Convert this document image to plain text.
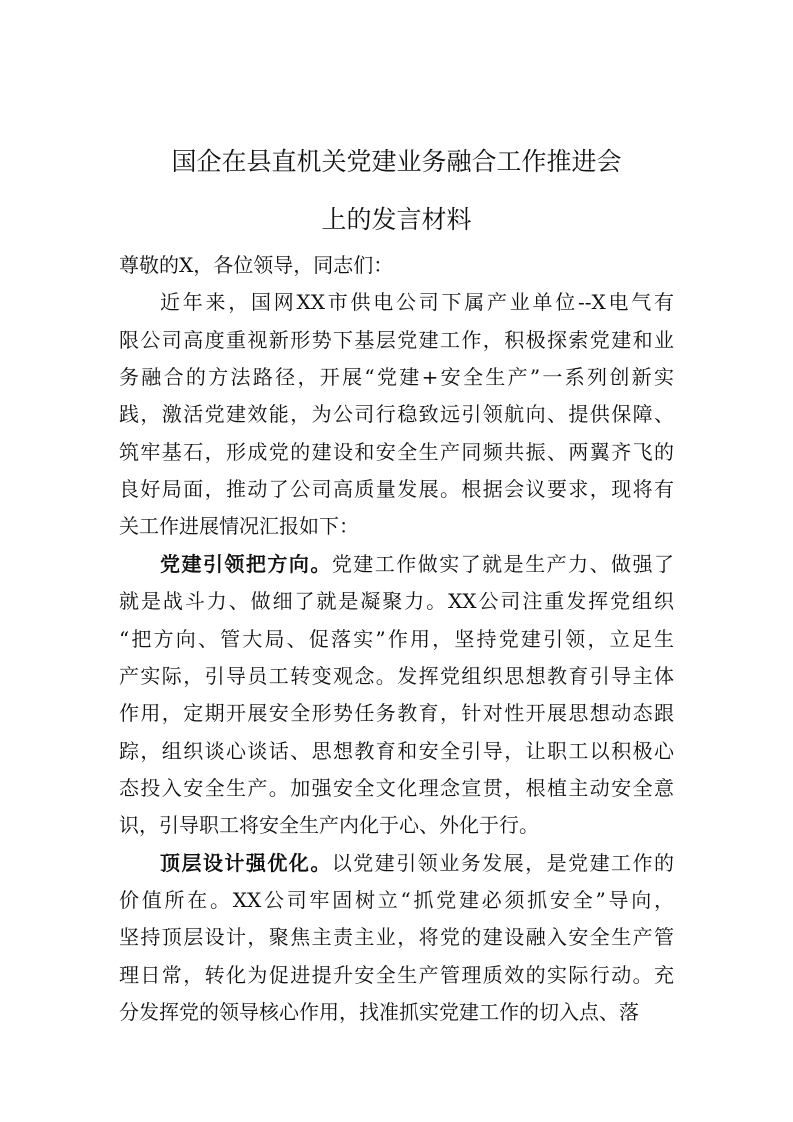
国企在县直机关党建业务融合工作推进会
上的发言材料
尊敬的X，各位领导，同志们：
近年来，国网XX市供电公司下属产业单位--X电气有
限公司高度重视新形势下基层党建工作，积极探索党建和业
务融合的方法路径，开展“党建+安全生产”一系列创新实
践，激活党建效能，为公司行稳致远引领航向、提供保障、
筑牢基石，形成党的建设和安全生产同频共振、两翼齐飞的
良好局面，推动了公司高质量发展。根据会议要求，现将有
关工作进展情况汇报如下：
党建引领把方向。党建工作做实了就是生产力、做强了
就是战斗力、做细了就是凝聚力。XX公司注重发挥党组织
“把方向、管大局、促落实”作用，坚持党建引领，立足生
产实际，引导员工转变观念。发挥党组织思想教育引导主体
作用，定期开展安全形势任务教育，针对性开展思想动态跟
踪，组织谈心谈话、思想教育和安全引导，让职工以积极心
态投入安全生产。加强安全文化理念宣贯，根植主动安全意
识，引导职工将安全生产内化于心、外化于行。
顶层设计强优化。以党建引领业务发展，是党建工作的
价值所在。XX公司牢固树立“抓党建必须抓安全”导向，
坚持顶层设计，聚焦主责主业，将党的建设融入安全生产管
理日常，转化为促进提升安全生产管理质效的实际行动。充
分发挥党的领导核心作用，找准抓实党建工作的切入点、落
